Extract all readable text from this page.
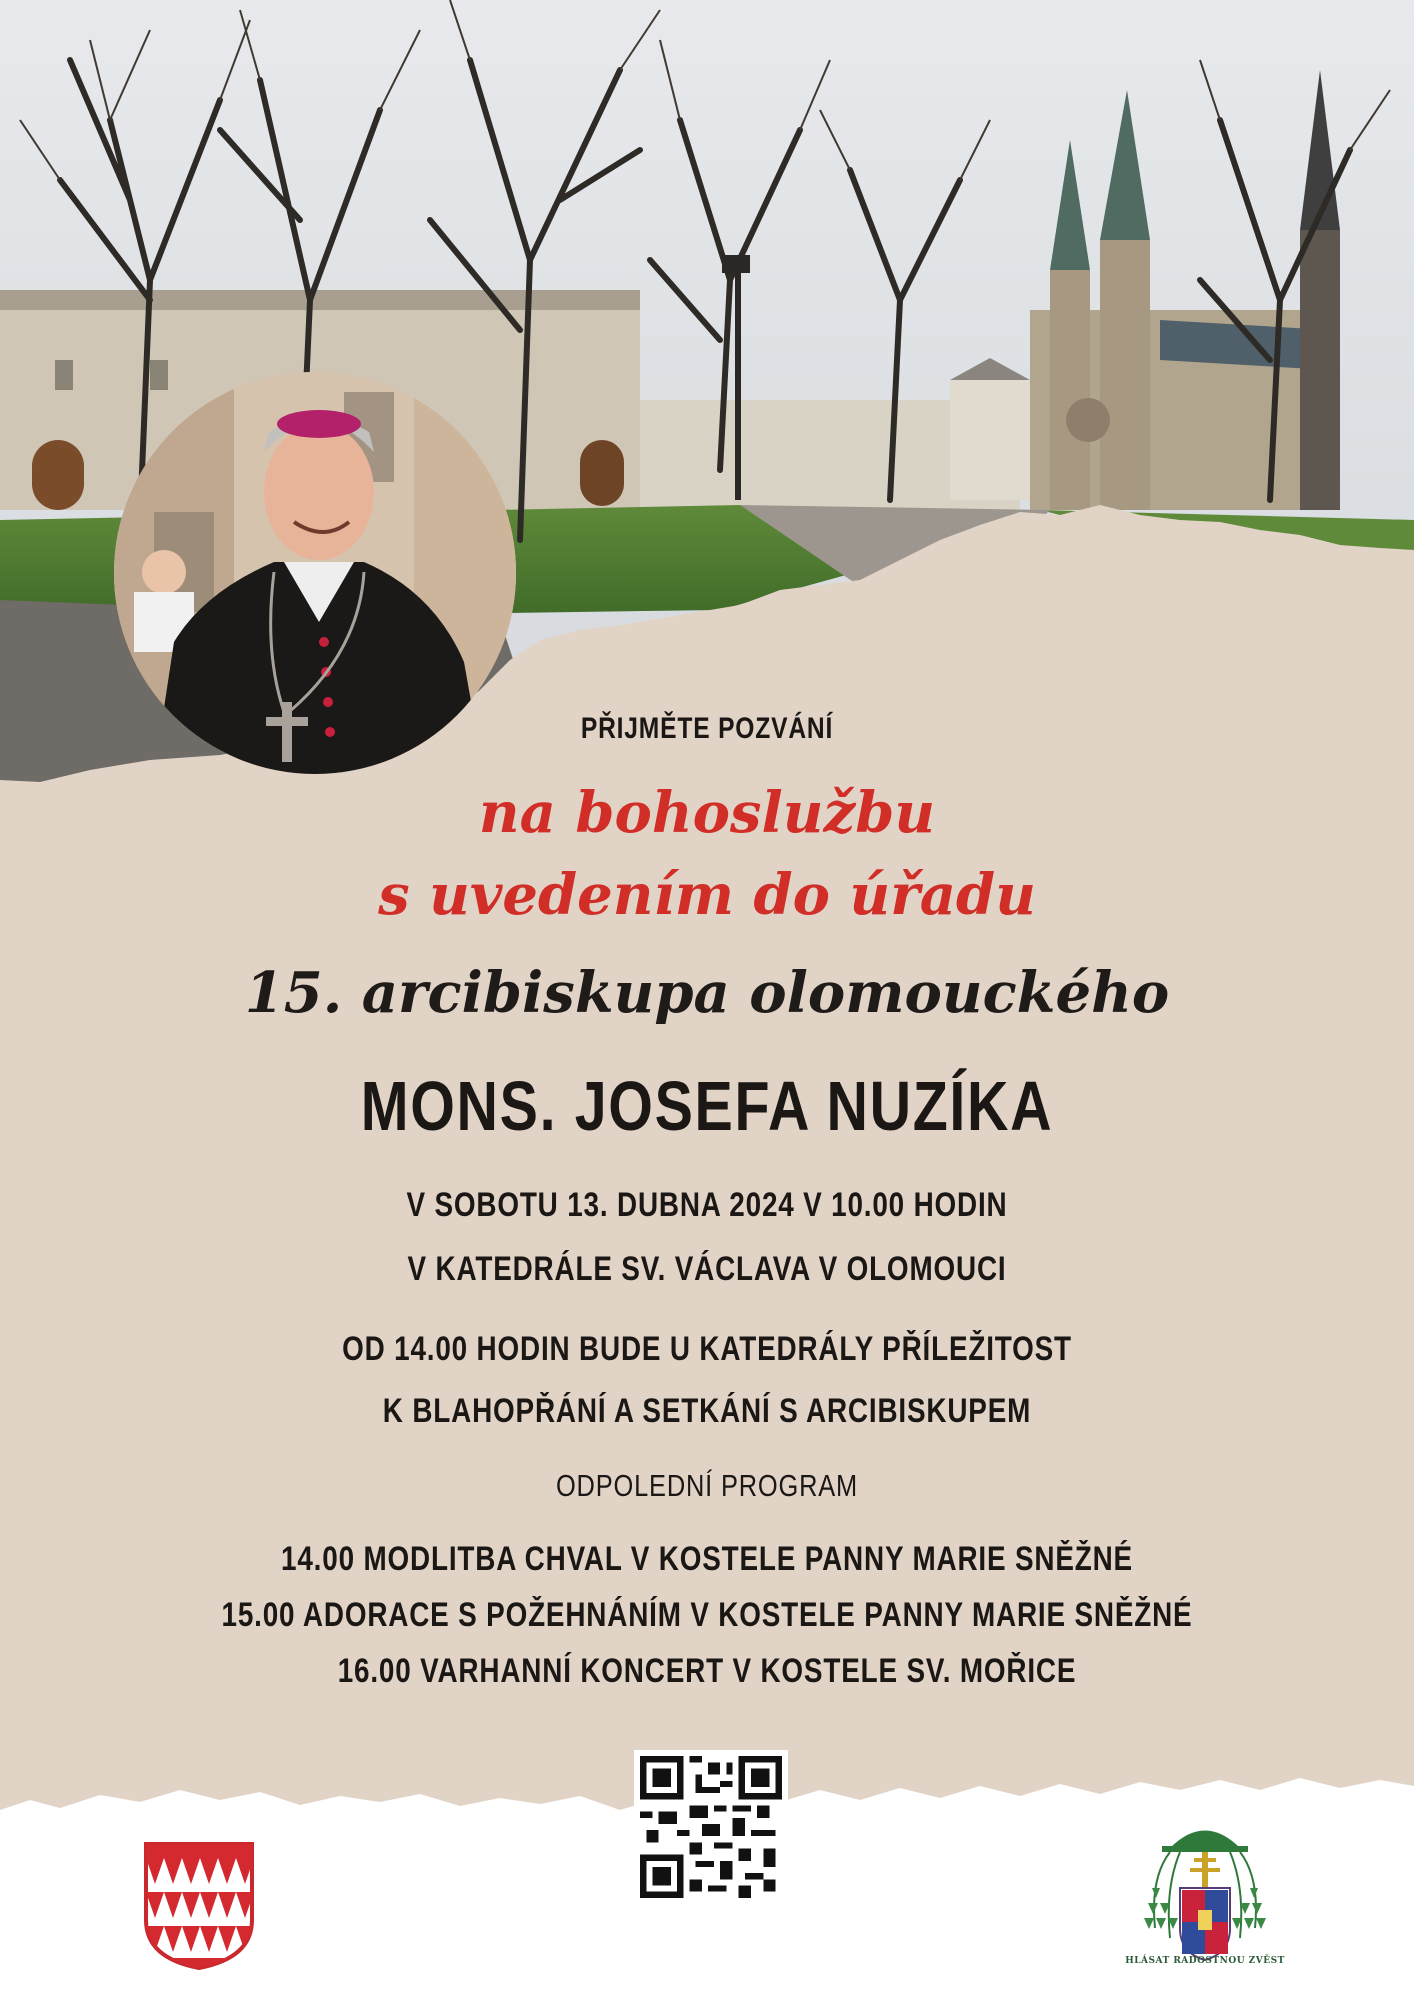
PŘIJMĚTE POZVÁNÍ
na bohoslužbu
s uvedením do úřadu
15. arcibiskupa olomouckého
MONS. JOSEFA NUZÍKA
V SOBOTU 13. DUBNA 2024 V 10.00 HODIN
V KATEDRÁLE SV. VÁCLAVA V OLOMOUCI
OD 14.00 HODIN BUDE U KATEDRÁLY PŘÍLEŽITOST
K BLAHOPŘÁNÍ A SETKÁNÍ S ARCIBISKUPEM
ODPOLEDNÍ PROGRAM
14.00 MODLITBA CHVAL V KOSTELE PANNY MARIE SNĚŽNÉ
15.00 ADORACE S POŽEHNÁNÍM V KOSTELE PANNY MARIE SNĚŽNÉ
16.00 VARHANNÍ KONCERT V KOSTELE SV. MOŘICE
HLÁSAT RADOSTNOU ZVĚST
